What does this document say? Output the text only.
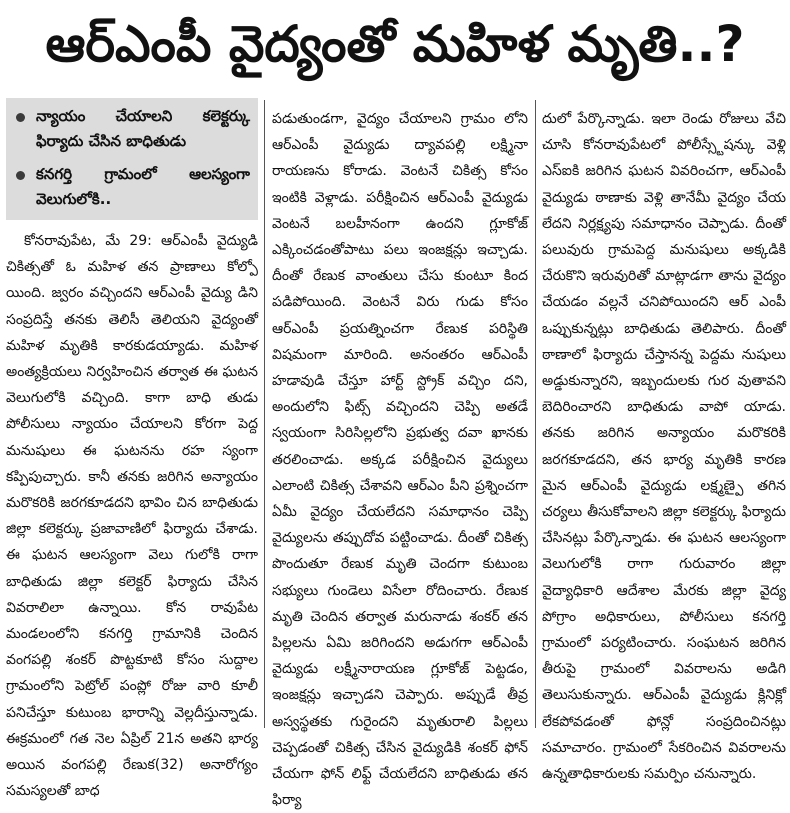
ఆర్ఎంపీ వైద్యంతో మహిళ మృతి..?
న్యాయం చేయాలని కలెక్టర్కు ఫిర్యాదు చేసిన బాధితుడు
కనగర్తి గ్రామంలో ఆలస్యంగా వెలుగులోకి..

కోనరావుపేట, మే 29: ఆర్ఎంపీ వైద్యుడి చికిత్సతో ఓ మహిళ తన ప్రాణాలు కోల్పో యింది. జ్వరం వచ్చిందని ఆర్ఎంపీ వైద్యు డిని సంప్రదిస్తే తనకు తెలిసీ తెలియని వైద్యంతో మహిళ మృతికి కారకుడయ్యాడు. మహిళ అంత్యక్రియలు నిర్వహించిన తర్వాత ఈ ఘటన వెలుగులోకి వచ్చింది. కాగా బాధి తుడు పోలీసులు న్యాయం చేయాలని కోరగా పెద్ద మనుషులు ఈ ఘటనను రహ స్యంగా కప్పిపుచ్చారు. కానీ తనకు జరిగిన అన్యాయం మరొకరికి జరగకూడదని భావిం చిన బాధితుడు జిల్లా కలెక్టర్కు ప్రజావాణిలో ఫిర్యాదు చేశాడు. ఈ ఘటన ఆలస్యంగా వెలు గులోకి రాగా బాధితుడు జిల్లా కలెక్టర్ ఫిర్యాదు చేసిన వివరాలిలా ఉన్నాయి. కోన రావుపేట మండలంలోని కనగర్తి గ్రామానికి చెందిన వంగపల్లి శంకర్ పొట్టకూటి కోసం సుద్దాల గ్రామంలోని పెట్రోల్ పంప్లో రోజు వారి కూలీ పనిచేస్తూ కుటుంబ భారాన్ని వెల్లదీస్తున్నాడు. ఈక్రమంలో గత నెల ఏప్రిల్ 21న అతని భార్య అయిన వంగపల్లి రేణుక(32) అనారోగ్యం సమస్యలతో బాధ

పడుతుండగా, వైద్యం చేయాలని గ్రామం లోని ఆర్ఎంపీ వైద్యుడు ద్యావపల్లి లక్ష్మినా రాయణను కోరాడు. వెంటనే చికిత్స కోసం ఇంటికి వెళ్లాడు. పరీక్షించిన ఆర్ఎంపీ వైద్యుడు వెంటనే బలహీనంగా ఉందని గ్లూకోజ్ ఎక్కించడంతోపాటు పలు ఇంజక్షన్లు ఇచ్చాడు. దీంతో రేణుక వాంతులు చేసు కుంటూ కింద పడిపోయింది. వెంటనే విరు గుడు కోసం ఆర్ఎంపీ ప్రయత్నించగా రేణుక పరిస్థితి విషమంగా మారింది. అనంతరం ఆర్ఎంపీ హడావుడి చేస్తూ హార్ట్ స్ట్రోక్ వచ్చిం దని, అందులోని ఫిట్స్ వచ్చిందని చెప్పి అతడే స్వయంగా సిరిసిల్లలోని ప్రభుత్వ దవా ఖానకు తరలించాడు. అక్కడ పరీక్షించిన వైద్యులు ఎలాంటి చికిత్స చేశావని ఆర్ఎం పీని ప్రశ్నించగా ఏమీ వైద్యం చేయలేదని సమాధానం చెప్పి వైద్యులను తప్పుదోవ పట్టించాడు. దీంతో చికిత్స పొందుతూ రేణుక మృతి చెందగా కుటుంబ సభ్యులు గుండెలు విసేలా రోదించారు. రేణుక మృతి చెందిన తర్వాత మరునాడు శంకర్ తన పిల్లలను ఏమి జరిగిందని అడుగగా ఆర్ఎంపీ వైద్యుడు లక్ష్మీనారాయణ గ్లూకోజ్ పెట్టడం, ఇంజక్షన్లు ఇచ్చాడని చెప్పారు. అప్పుడే తీవ్ర అస్వస్థతకు గురైందని మృతురాలి పిల్లలు చెప్పడంతో చికిత్స చేసిన వైద్యుడికి శంకర్ ఫోన్ చేయగా ఫోన్ లిఫ్ట్ చేయలేదని బాధితుడు తన ఫిర్యా

దులో పేర్కొన్నాడు. ఇలా రెండు రోజులు వేచి చూసి కోనరావుపేటలో పోలీస్స్టేషన్కు వెళ్లి ఎస్ఐకి జరిగిన ఘటన వివరించగా, ఆర్ఎంపీ వైద్యుడు ఠాణాకు వెళ్లి తానేమీ వైద్యం చేయ లేదని నిర్లక్ష్యపు సమాధానం చెప్పాడు. దీంతో పలువురు గ్రామపెద్ద మనుషులు అక్కడికి చేరుకొని ఇరువురితో మాట్లాడగా తాను వైద్యం చేయడం వల్లనే చనిపోయిందని ఆర్ ఎంపీ ఒప్పుకున్నట్లు బాధితుడు తెలిపారు. దీంతో ఠాణాలో ఫిర్యాదు చేస్తానన్న పెద్దమ నుషులు అడ్డుకున్నారని, ఇబ్బందులకు గుర వుతావని బెదిరించారని బాధితుడు వాపో యాడు. తనకు జరిగిన అన్యాయం మరొకరికి జరగకూడదని, తన భార్య మృతికి కారణ మైన ఆర్ఎంపీ వైద్యుడు లక్ష్మణ్పై తగిన చర్యలు తీసుకోవాలని జిల్లా కలెక్టర్కు ఫిర్యాదు చేసినట్లు పేర్కొన్నాడు. ఈ ఘటన ఆలస్యంగా వెలుగులోకి రాగా గురువారం జిల్లా వైద్యాధికారి ఆదేశాల మేరకు జిల్లా వైద్య పోగ్రాం అధికారులు, పోలీసులు కనగర్తి గ్రామంలో పర్యటించారు. సంఘటన జరిగిన తీరుపై గ్రామంలో వివరాలను అడిగి తెలుసుకున్నారు. ఆర్ఎంపీ వైద్యుడు క్లినిక్లో లేకపోవడంతో ఫోన్లో సంప్రదించినట్లు సమాచారం. గ్రామంలో సేకరించిన వివరాలను ఉన్నతాధికారులకు సమర్పిం చనున్నారు.
